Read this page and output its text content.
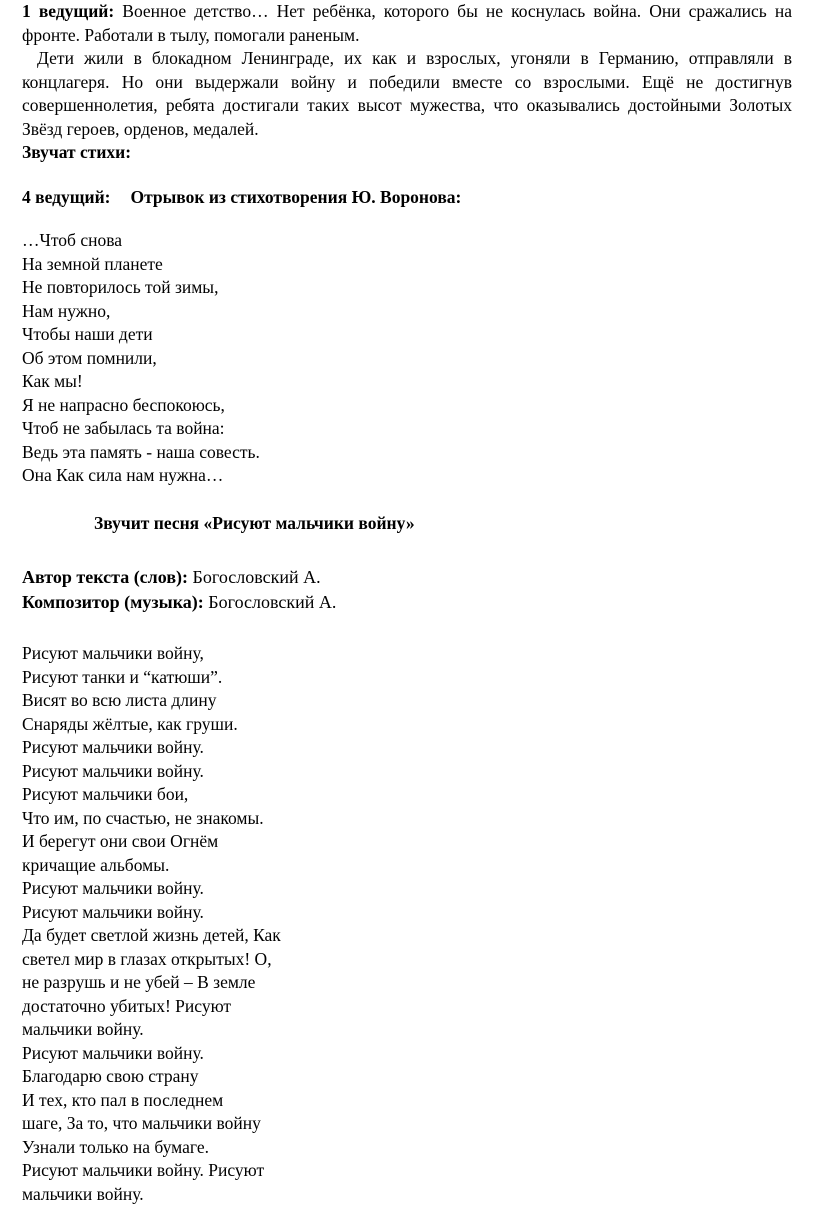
1 ведущий: Военное детство… Нет ребёнка, которого бы не коснулась война. Они сражались на фронте. Работали в тылу, помогали раненым.

Дети жили в блокадном Ленинграде, их как и взрослых, угоняли в Германию, отправляли в концлагеря. Но они выдержали войну и победили вместе со взрослыми. Ещё не достигнув совершеннолетия, ребята достигали таких высот мужества, что оказывались достойными Золотых Звёзд героев, орденов, медалей.

Звучат стихи:

4 ведущий: Отрывок из стихотворения Ю. Воронова:
…Чтоб снова
На земной планете
Не повторилось той зимы,
Нам нужно,
Чтобы наши дети
Об этом помнили,
Как мы!
Я не напрасно беспокоюсь,
Чтоб не забылась та война:
Ведь эта память - наша совесть.
Она Как сила нам нужна…
Звучит песня «Рисуют мальчики войну»
Автор текста (слов): Богословский А.
Композитор (музыка): Богословский А.
Рисуют мальчики войну,
Рисуют танки и “катюши”.
Висят во всю листа длину
Снаряды жёлтые, как груши.
Рисуют мальчики войну.
Рисуют мальчики войну.
Рисуют мальчики бои,
Что им, по счастью, не знакомы.
И берегут они свои Огнём
кричащие альбомы.
Рисуют мальчики войну.
Рисуют мальчики войну.
Да будет светлой жизнь детей, Как
светел мир в глазах открытых! О,
не разрушь и не убей – В земле
достаточно убитых! Рисуют
мальчики войну.
Рисуют мальчики войну.
Благодарю свою страну
И тех, кто пал в последнем
шаге, За то, что мальчики войну
Узнали только на бумаге.
Рисуют мальчики войну. Рисуют
мальчики войну.
